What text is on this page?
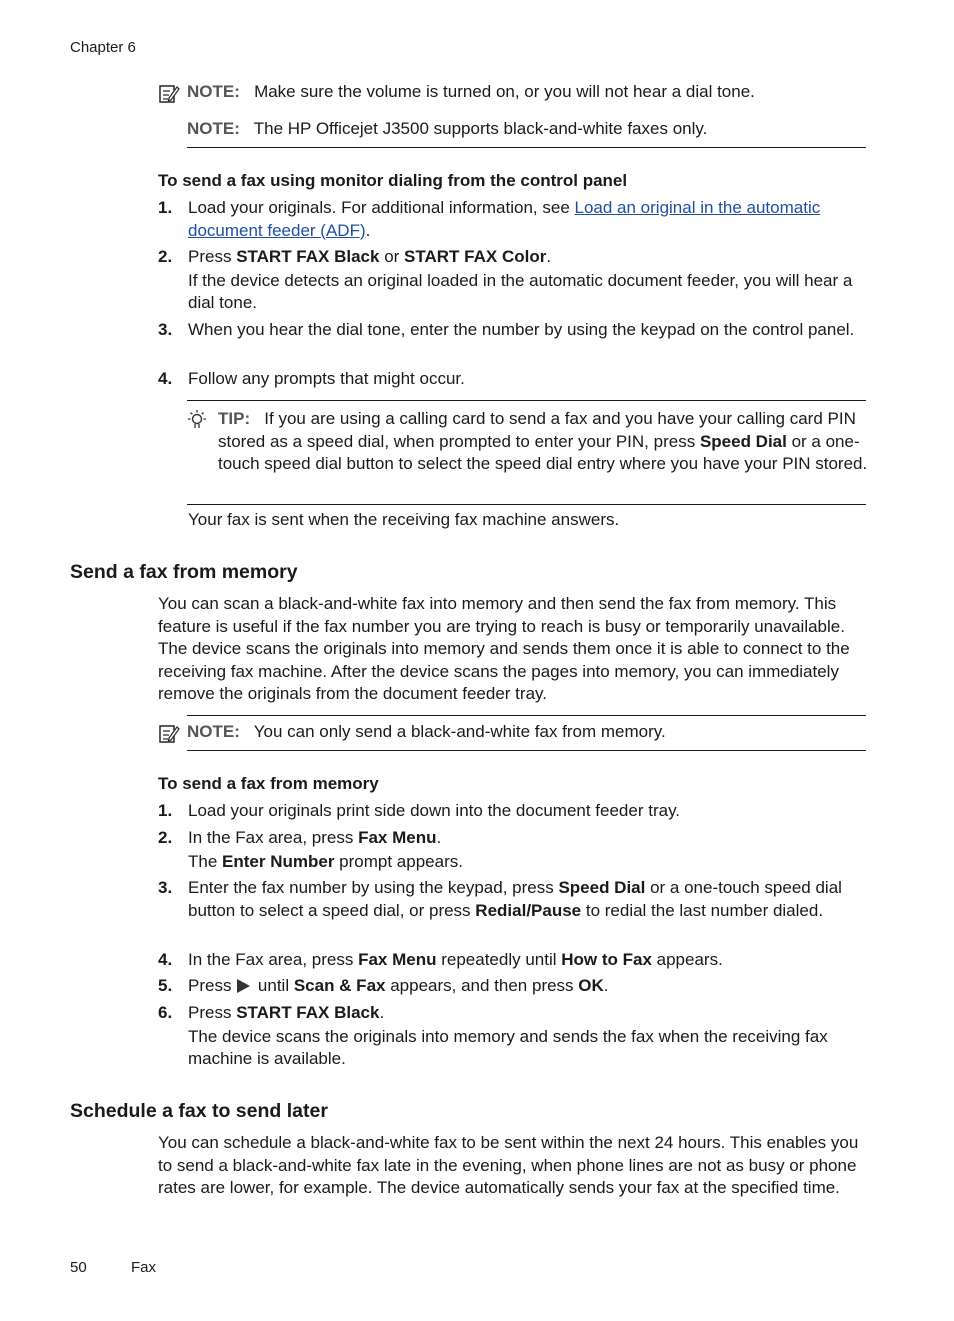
Chapter 6
NOTE: Make sure the volume is turned on, or you will not hear a dial tone.
NOTE: The HP Officejet J3500 supports black-and-white faxes only.
To send a fax using monitor dialing from the control panel
1. Load your originals. For additional information, see Load an original in the automatic document feeder (ADF).
2. Press START FAX Black or START FAX Color.
If the device detects an original loaded in the automatic document feeder, you will hear a dial tone.
3. When you hear the dial tone, enter the number by using the keypad on the control panel.
4. Follow any prompts that might occur.
TIP: If you are using a calling card to send a fax and you have your calling card PIN stored as a speed dial, when prompted to enter your PIN, press Speed Dial or a one-touch speed dial button to select the speed dial entry where you have your PIN stored.
Your fax is sent when the receiving fax machine answers.
Send a fax from memory
You can scan a black-and-white fax into memory and then send the fax from memory. This feature is useful if the fax number you are trying to reach is busy or temporarily unavailable. The device scans the originals into memory and sends them once it is able to connect to the receiving fax machine. After the device scans the pages into memory, you can immediately remove the originals from the document feeder tray.
NOTE: You can only send a black-and-white fax from memory.
To send a fax from memory
1. Load your originals print side down into the document feeder tray.
2. In the Fax area, press Fax Menu.
The Enter Number prompt appears.
3. Enter the fax number by using the keypad, press Speed Dial or a one-touch speed dial button to select a speed dial, or press Redial/Pause to redial the last number dialed.
4. In the Fax area, press Fax Menu repeatedly until How to Fax appears.
5. Press  until Scan & Fax appears, and then press OK.
6. Press START FAX Black.
The device scans the originals into memory and sends the fax when the receiving fax machine is available.
Schedule a fax to send later
You can schedule a black-and-white fax to be sent within the next 24 hours. This enables you to send a black-and-white fax late in the evening, when phone lines are not as busy or phone rates are lower, for example. The device automatically sends your fax at the specified time.
50	Fax
